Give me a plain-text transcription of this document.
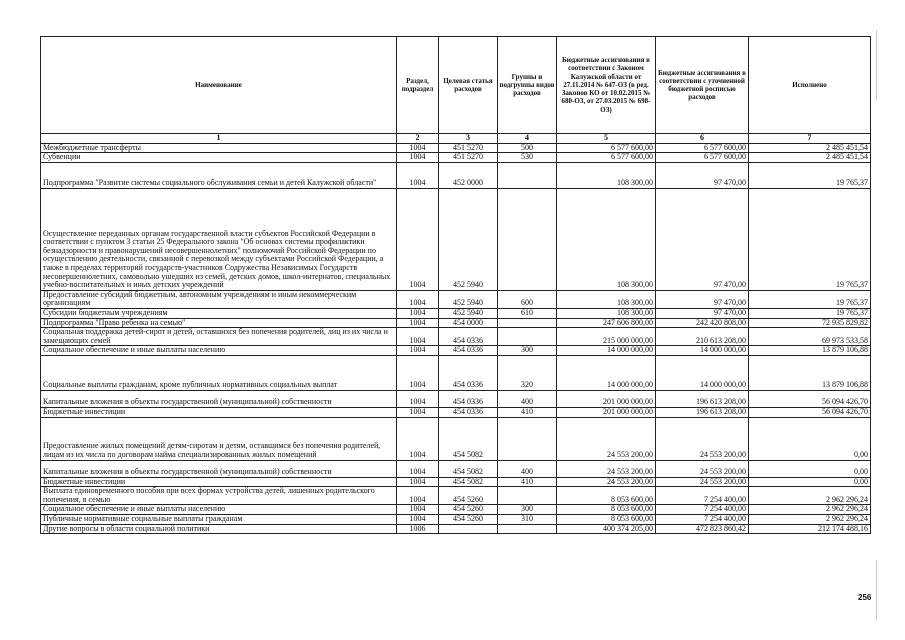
Наименование	Раздел, подраздел	Целевая статья расходов	Группы и подгруппы видов расходов	Бюджетные ассигнования в соответствии с Законом Калужской области от 27.11.2014 № 647-ОЗ (в ред. Законов КО от 10.02.2015 № 680-ОЗ, от 27.03.2015 № 698-ОЗ)	Бюджетные ассигнования в соответствии с уточненной бюджетной росписью расходов	Исполнено
1	2	3	4	5	6	7
Межбюджетные трансферты	1004	451 5270	500	6 577 600,00	6 577 600,00	2 485 451,54
Субвенции	1004	451 5270	530	6 577 600,00	6 577 600,00	2 485 451,54
Подпрограмма "Развитие системы социального обслуживания семьи и детей Калужской области"	1004	452 0000		108 300,00	97 470,00	19 765,37
Осуществление переданных органам государственной власти субъектов Российской Федерации в соответствии с пунктом 3 статьи 25 Федерального закона "Об основах системы профилактики безнадзорности и правонарушений несовершеннолетних" полномочий Российской Федерации по осуществлению деятельности, связанной с перевозкой между субъектами Российской Федерации, а также в пределах территорий государств-участников Содружества Независимых Государств несовершеннолетних, самовольно ушедших из семей, детских домов, школ-интернатов, специальных учебно-воспитательных и иных детских учреждений	1004	452 5940		108 300,00	97 470,00	19 765,37
Предоставление субсидий бюджетным, автономным учреждениям и иным некоммерческим организациям	1004	452 5940	600	108 300,00	97 470,00	19 765,37
Субсидии бюджетным учреждениям	1004	452 5940	610	108 300,00	97 470,00	19 765,37
Подпрограмма "Право ребенка на семью"	1004	454 0000		247 606 800,00	242 420 808,00	72 935 829,82
Социальная поддержка детей-сирот и детей, оставшихся без попечения родителей, лиц из их числа и замещающих семей	1004	454 0336		215 000 000,00	210 613 208,00	69 973 533,58
Социальное обеспечение и иные выплаты населению	1004	454 0336	300	14 000 000,00	14 000 000,00	13 879 106,88
Социальные выплаты гражданам, кроме публичных нормативных социальных выплат	1004	454 0336	320	14 000 000,00	14 000 000,00	13 879 106,88
Капитальные вложения в объекты государственной (муниципальной) собственности	1004	454 0336	400	201 000 000,00	196 613 208,00	56 094 426,70
Бюджетные инвестиции	1004	454 0336	410	201 000 000,00	196 613 208,00	56 094 426,70
Предоставление жилых помещений детям-сиротам и детям, оставшимся без попечения родителей, лицам из их числа по договорам найма специализированных жилых помещений	1004	454 5082		24 553 200,00	24 553 200,00	0,00
Капитальные вложения в объекты государственной (муниципальной) собственности	1004	454 5082	400	24 553 200,00	24 553 200,00	0,00
Бюджетные инвестиции	1004	454 5082	410	24 553 200,00	24 553 200,00	0,00
Выплата единовременного пособия при всех формах устройства детей, лишенных родительского попечения, в семью	1004	454 5260		8 053 600,00	7 254 400,00	2 962 296,24
Социальное обеспечение и иные выплаты населению	1004	454 5260	300	8 053 600,00	7 254 400,00	2 962 296,24
Публичные нормативные социальные выплаты гражданам	1004	454 5260	310	8 053 600,00	7 254 400,00	2 962 296,24
Другие вопросы в области социальной политики	1006			400 374 205,00	472 823 860,42	212 174 488,16
256
